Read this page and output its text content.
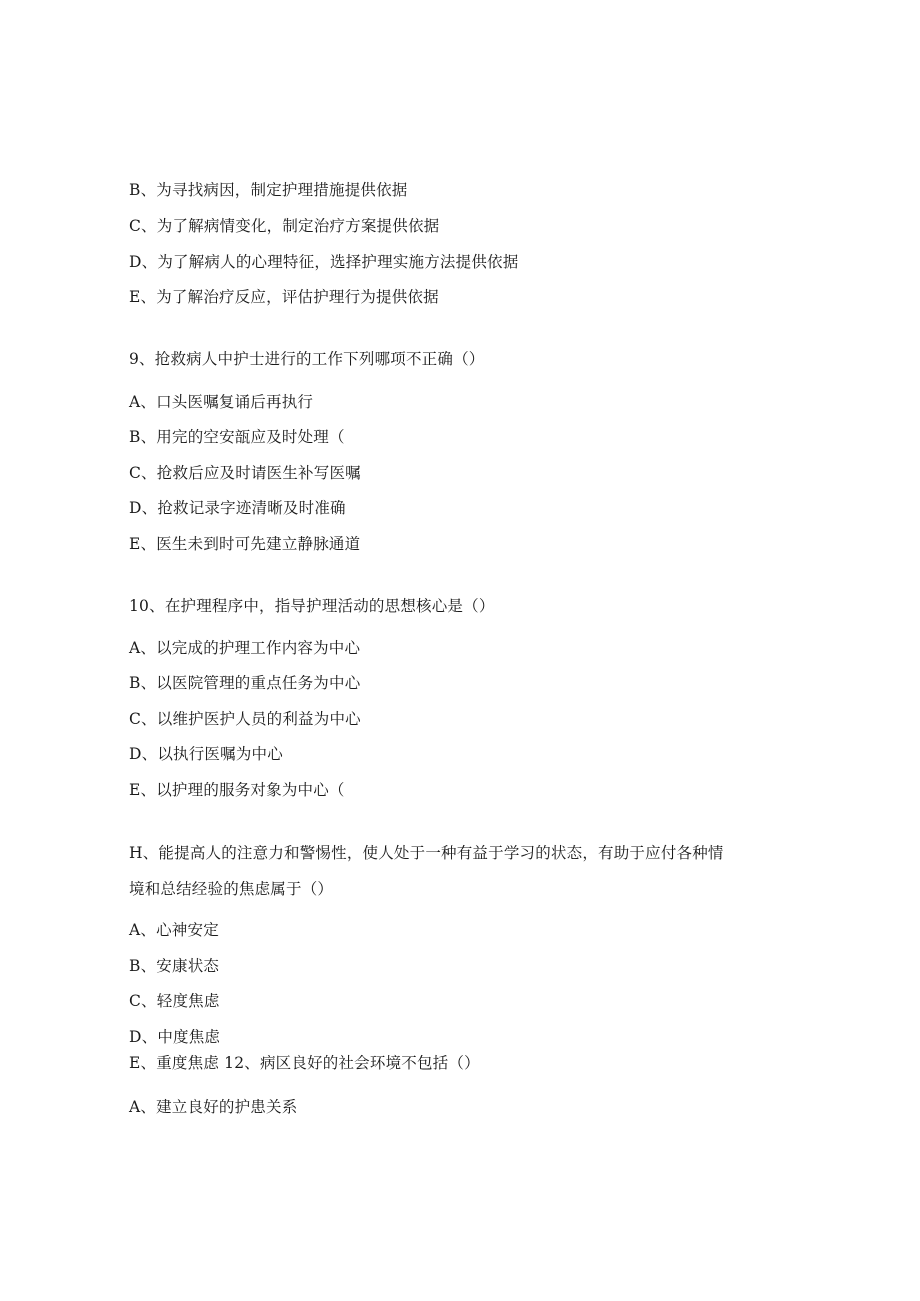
B、为寻找病因，制定护理措施提供依据
C、为了解病情变化，制定治疗方案提供依据
D、为了解病人的心理特征，选择护理实施方法提供依据
E、为了解治疗反应，评估护理行为提供依据
9、抢救病人中护士进行的工作下列哪项不正确（）
A、口头医嘱复诵后再执行
B、用完的空安瓿应及时处理（
C、抢救后应及时请医生补写医嘱
D、抢救记录字迹清晰及时准确
E、医生未到时可先建立静脉通道
10、在护理程序中，指导护理活动的思想核心是（）
A、以完成的护理工作内容为中心
B、以医院管理的重点任务为中心
C、以维护医护人员的利益为中心
D、以执行医嘱为中心
E、以护理的服务对象为中心（
H、能提高人的注意力和警惕性，使人处于一种有益于学习的状态，有助于应付各种情
境和总结经验的焦虑属于（）
A、心神安定
B、安康状态
C、轻度焦虑
D、中度焦虑
E、重度焦虑 12、病区良好的社会环境不包括（）
A、建立良好的护患关系
